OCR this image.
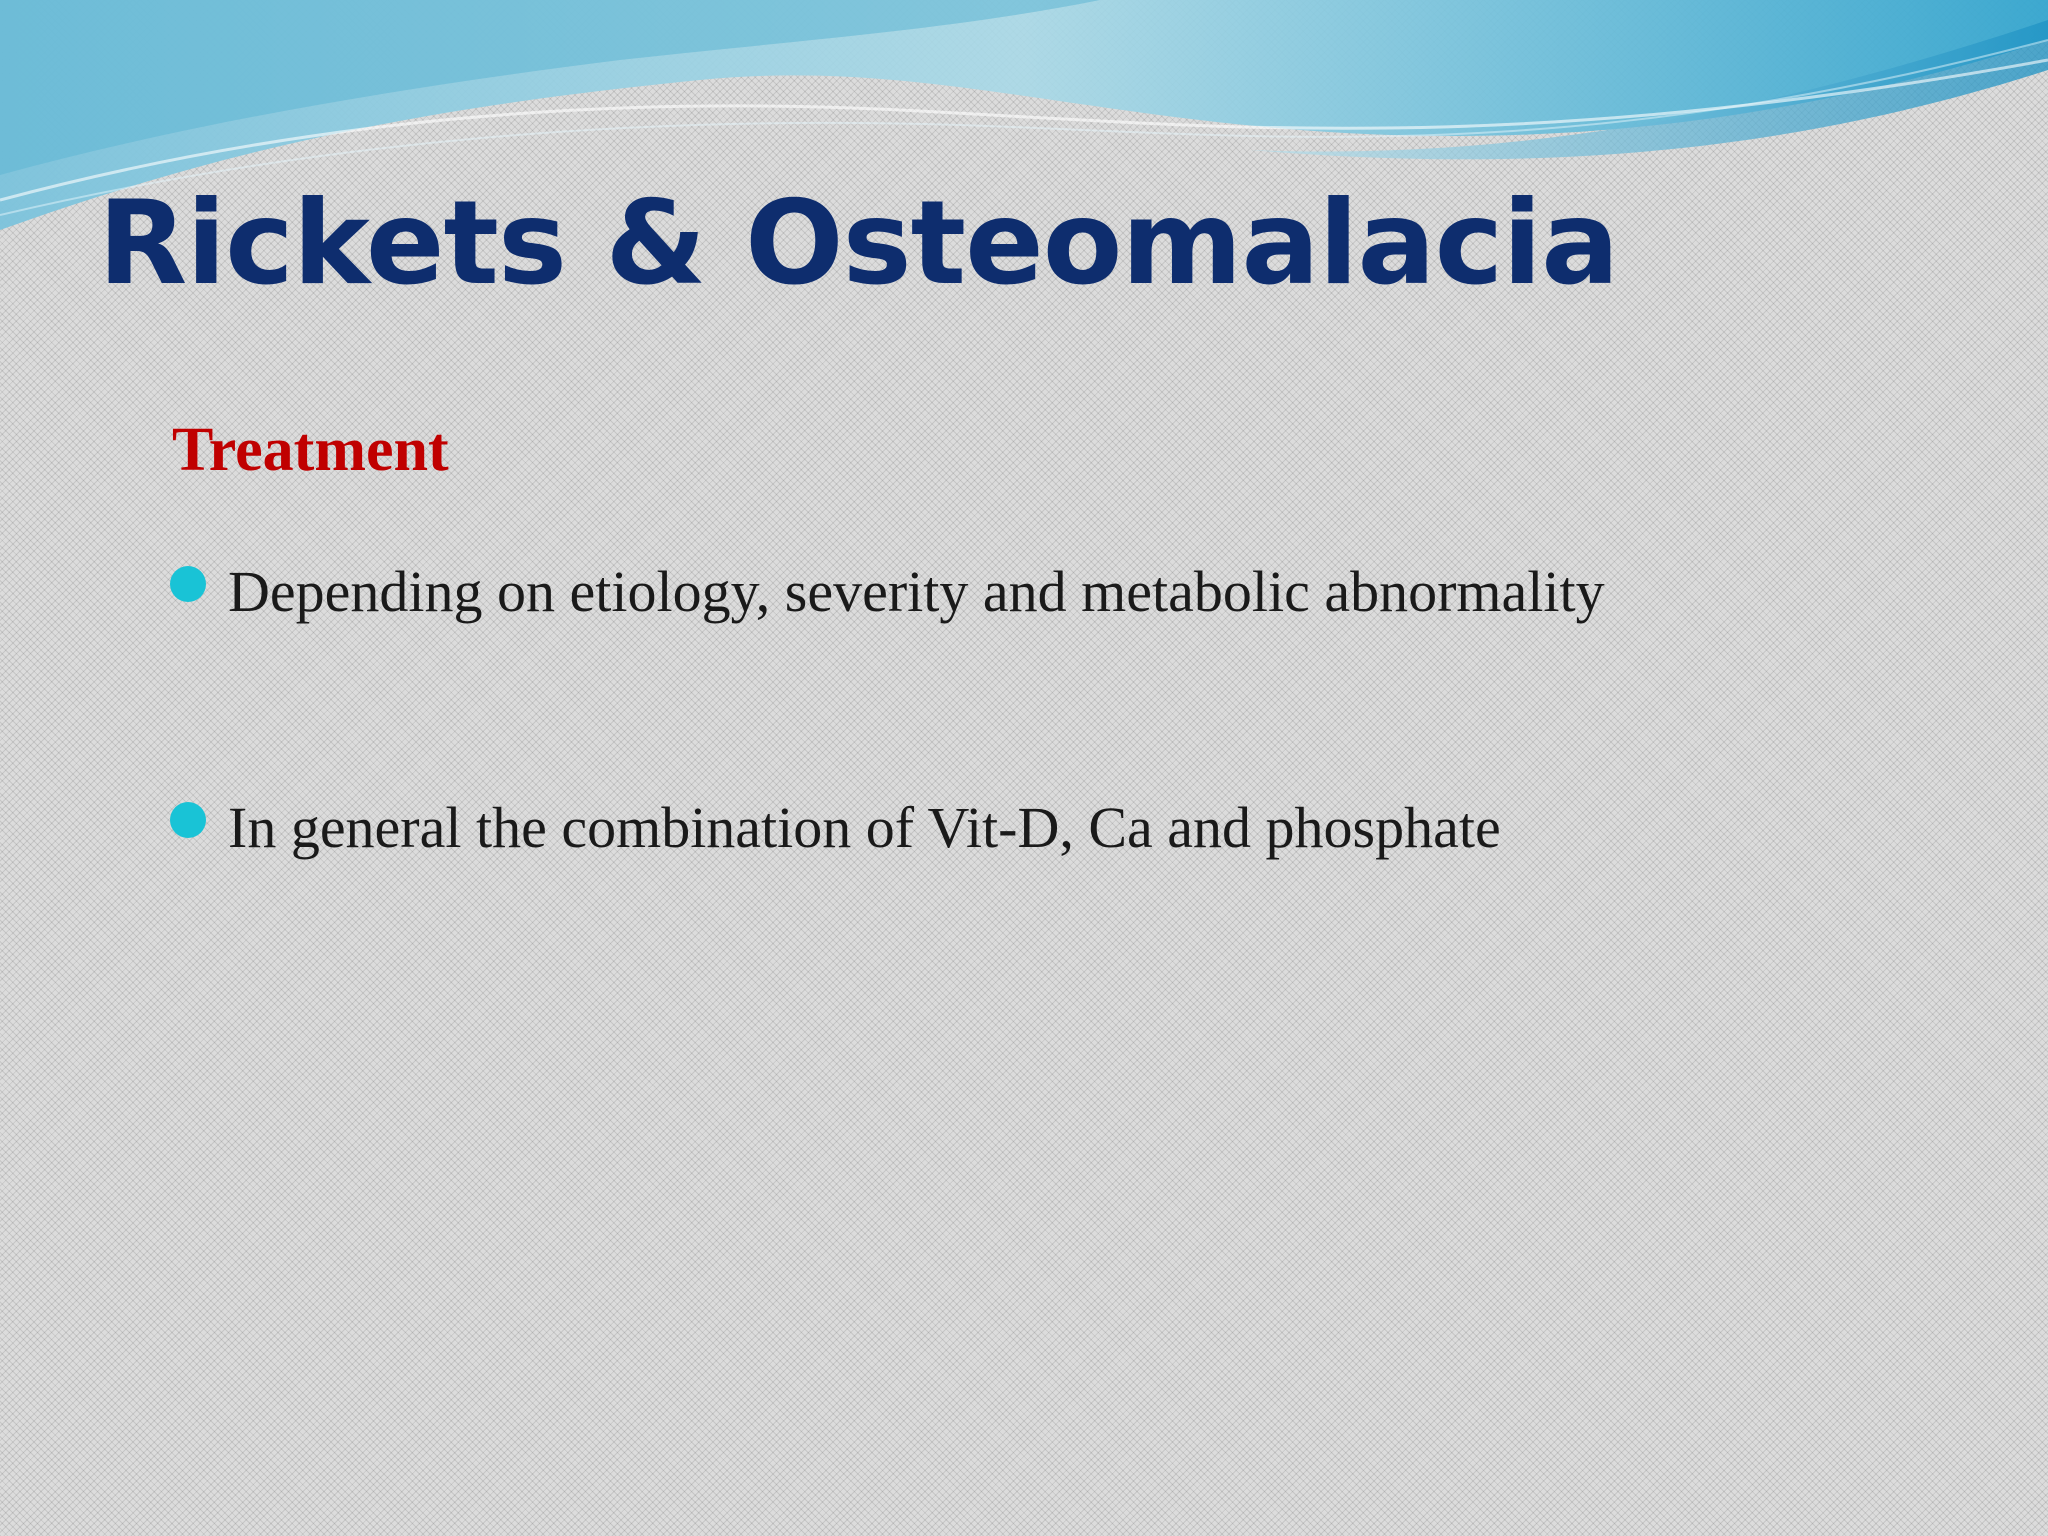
Rickets & Osteomalacia
Treatment
Depending on etiology, severity and metabolic abnormality
In general the combination of Vit-D, Ca and phosphate
